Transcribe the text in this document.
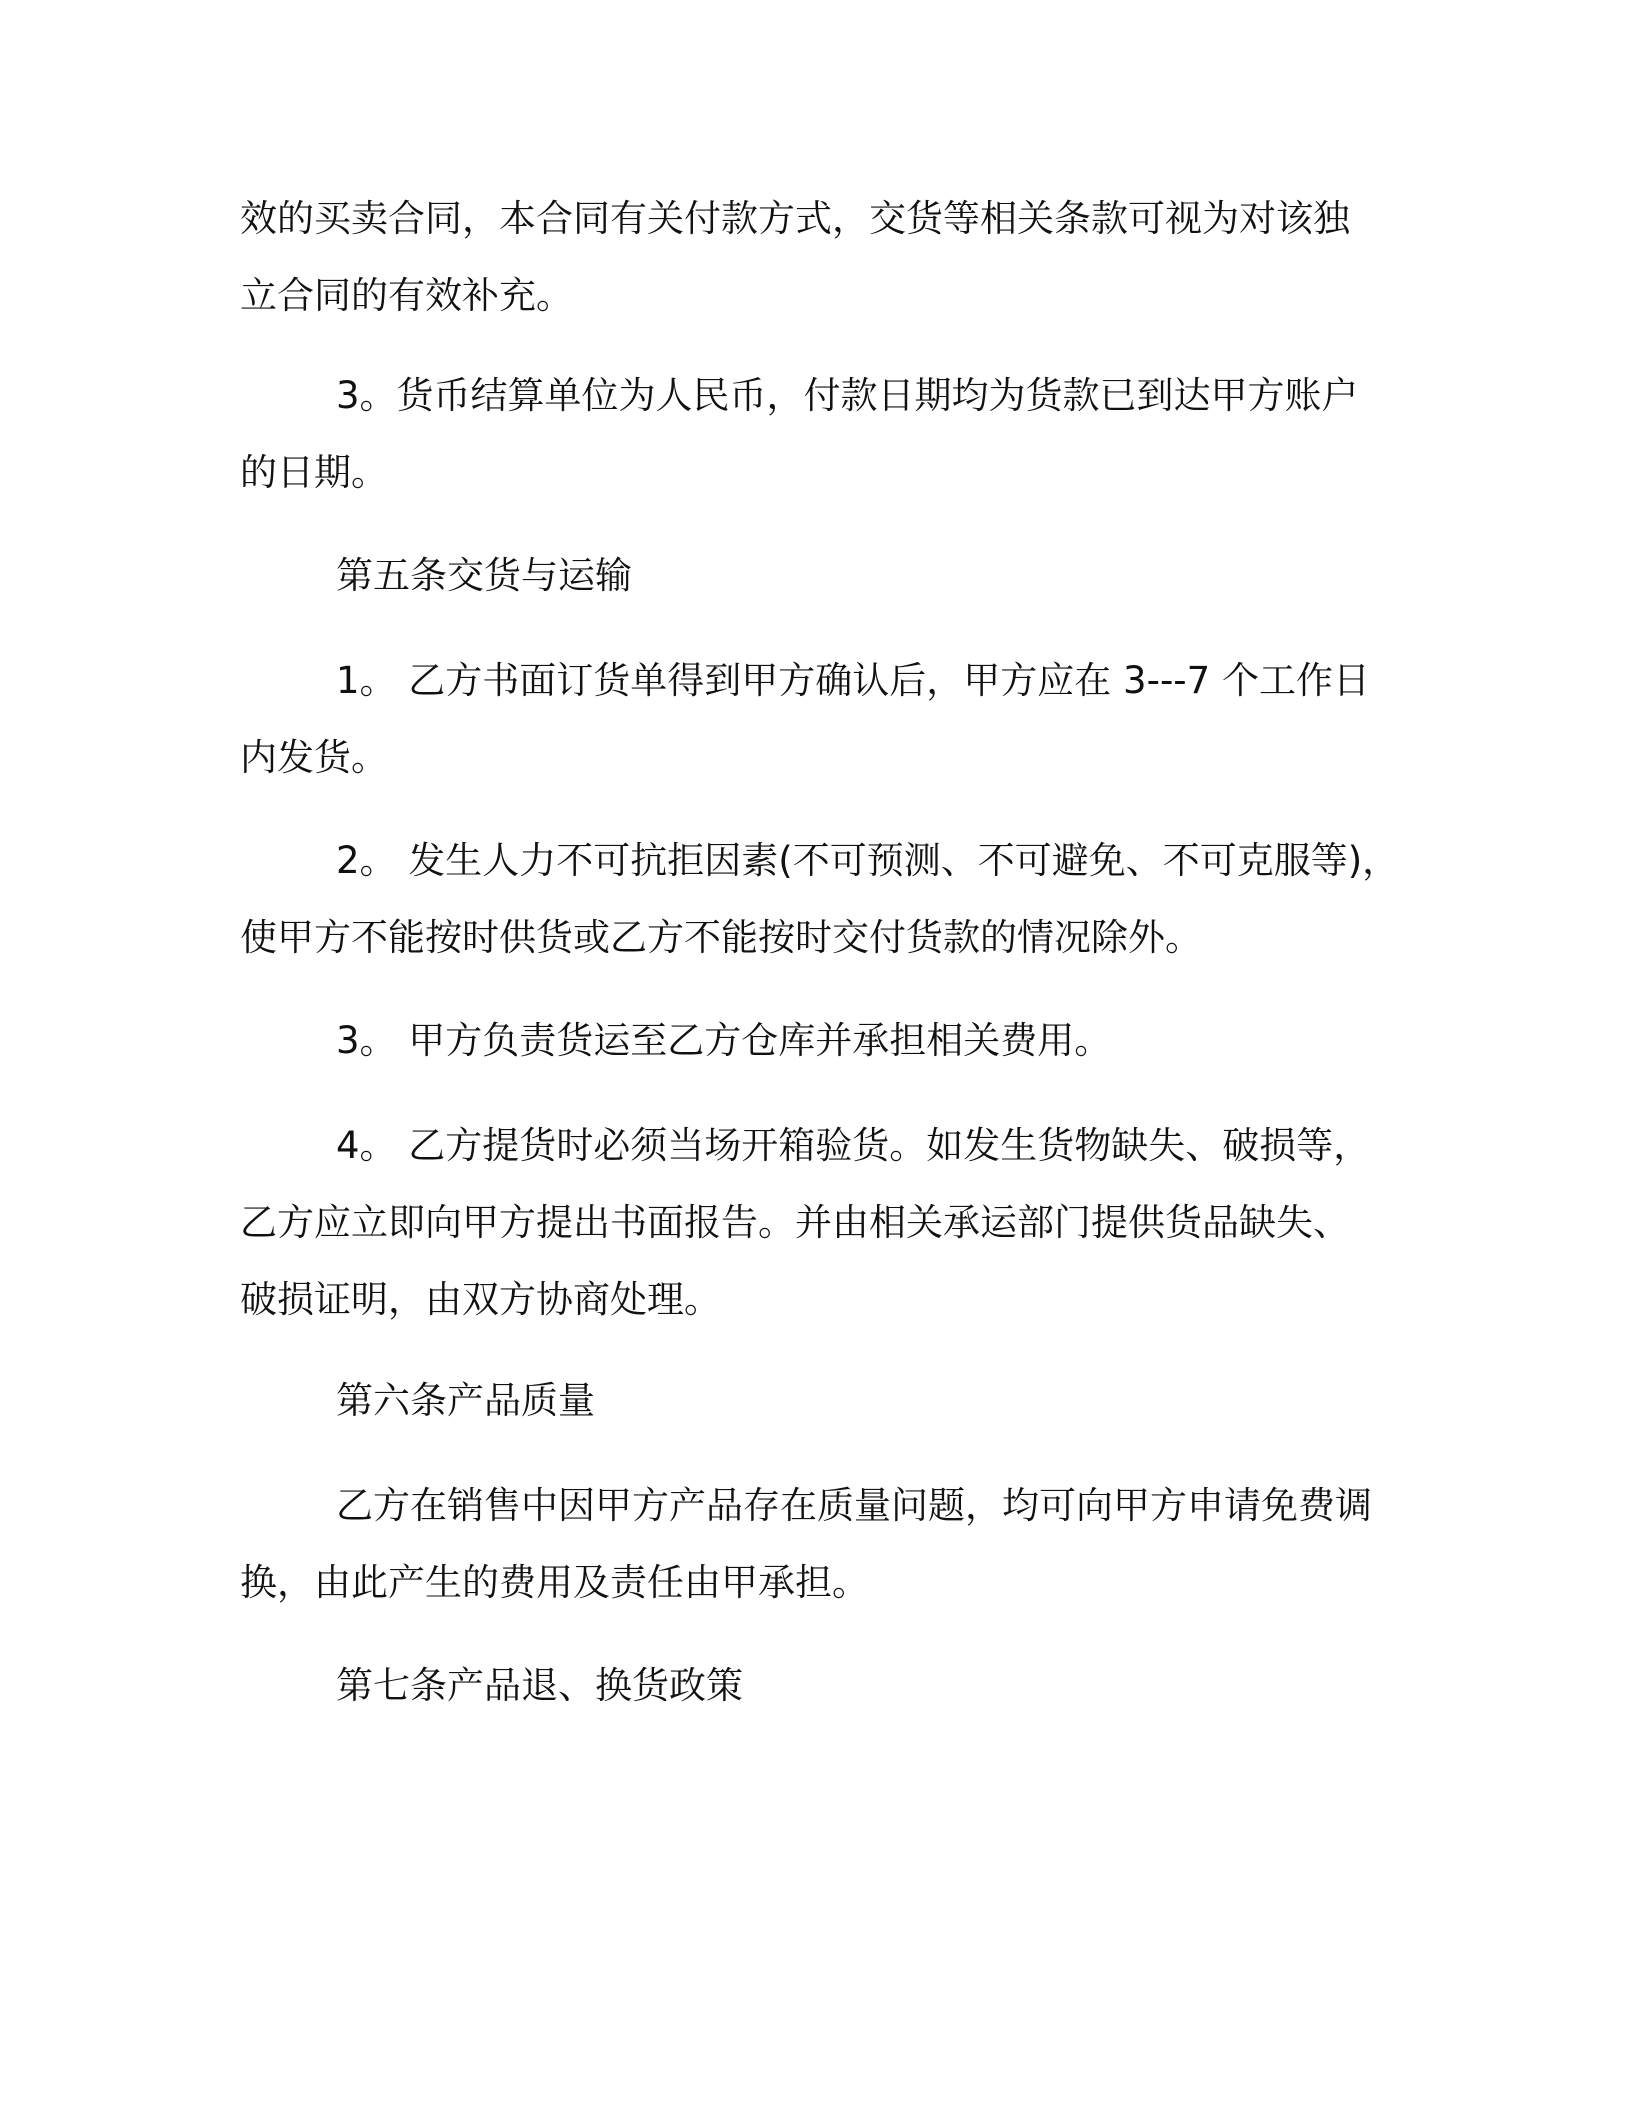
效的买卖合同，本合同有关付款方式，交货等相关条款可视为对该独
立合同的有效补充。

3。货币结算单位为人民币，付款日期均为货款已到达甲方账户
的日期。

第五条交货与运输

1。 乙方书面订货单得到甲方确认后，甲方应在 3---7 个工作日
内发货。

2。 发生人力不可抗拒因素(不可预测、不可避免、不可克服等)，
使甲方不能按时供货或乙方不能按时交付货款的情况除外。

3。 甲方负责货运至乙方仓库并承担相关费用。

4。 乙方提货时必须当场开箱验货。如发生货物缺失、破损等，
乙方应立即向甲方提出书面报告。并由相关承运部门提供货品缺失、
破损证明，由双方协商处理。

第六条产品质量

乙方在销售中因甲方产品存在质量问题，均可向甲方申请免费调
换，由此产生的费用及责任由甲承担。

第七条产品退、换货政策
